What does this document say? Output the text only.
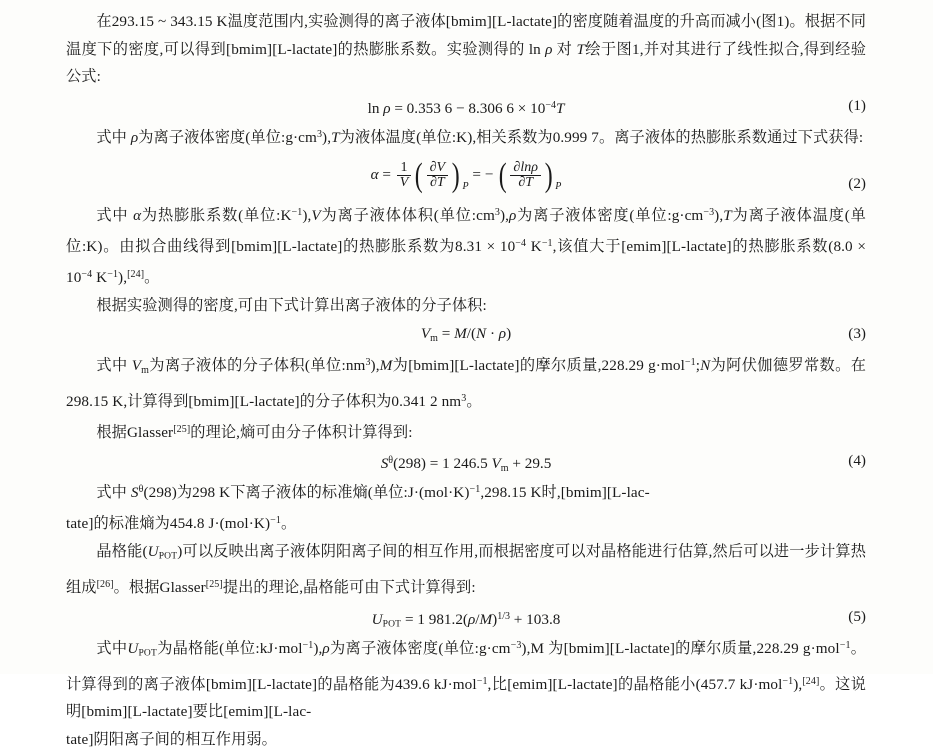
在293.15 ~ 343.15 K温度范围内,实验测得的离子液体[bmim][L-lactate]的密度随着温度的升高而减小(图1)。根据不同温度下的密度,可以得到[bmim][L-lactate]的热膨胀系数。实验测得的 ln ρ 对 T绘于图1,并对其进行了线性拟合,得到经验公式:

ln ρ = 0.353 6 − 8.306 $6 \times 10^{-4}T$	(1)

式中 ρ为离子液体密度(单位$:g\cdot cm^3),T$为液体温度(单位:K),相关系数为0.999 7。离子液体的热膨胀系数通过下式获得:

$\alpha = \frac{1}{V}$ ( $\frac{\partial V}{\partial T}$ ) P = − ( $\frac{\partial\ln\rho}{\partial T}$ ) P	(2)

式中 α为热膨胀系数(单位$:K^{-1}),V$为离子液体体积(单位$:cm^3),\rho$为离子液体密度(单位$:g\cdot cm^{-3}),T$为离子液体温度(单位:K)。由拟合曲线得到[bmim][L-lactate]的热膨胀系数为$8.31 \times 10^{-4}$ $K^{-1}$,该值大于[emim][L-lactate]的热膨胀系数($8.0 \times 10^{-4}$ $K^{-1}),[24]$。

根据实验测得的密度,可由下式计算出离子液体的分子体积:

$V_m = M/(N \cdot \rho)$	(3)

式中 $V_m$为离子液体的分子体积(单位$:nm^3),M$为[bmim][L-lactate]的摩尔质量,228.29 g·mol$^{-1}$;N为阿伏伽德罗常数。在298.15 K,计算得到[bmim][L-lactate]的分子体积为0.341 2 $nm^3$。

根据Glasser[25]的理论,熵可由分子体积计算得到:

$S^\theta(298) = 1$ 246.5 $V_m + 29.5$	(4)

式中 $S^\theta(298)$为298 K下离子液体的标准熵(单位$:J\cdot(mol\cdot K)^{-1},298.15$ K时,[bmim][L-lac-
tate]的标准熵为454.8 $J\cdot(mol\cdot K)^{-1}$。

晶格能$(U_{POT})$可以反映出离子液体阴阳离子间的相互作用,而根据密度可以对晶格能进行估算,然后可以进一步计算热组成[26]。根据Glasser[25]提出的理论,晶格能可由下式计算得到:

$U_{POT} = 1$ $981.2(\rho/M)^{1/3} + 103.8$	(5)

式中$U_{POT}$为晶格能(单位:kJ·mol$^{-1}$),ρ为离子液体密度(单位$:g\cdot cm^{-3}),M$ 为[bmim][L-lactate]的摩尔质量,228.29 g·mol$^{-1}$。计算得到的离子液体[bmim][L-lactate]的晶格能为439.6 kJ·mol$^{-1}$,比[emim][L-lactate]的晶格能小(457.7 kJ·mol$^{-1}$),[24]。这说明[bmim][L-lactate]要比[emim][L-lac-
tate]阴阳离子间的相互作用弱。
